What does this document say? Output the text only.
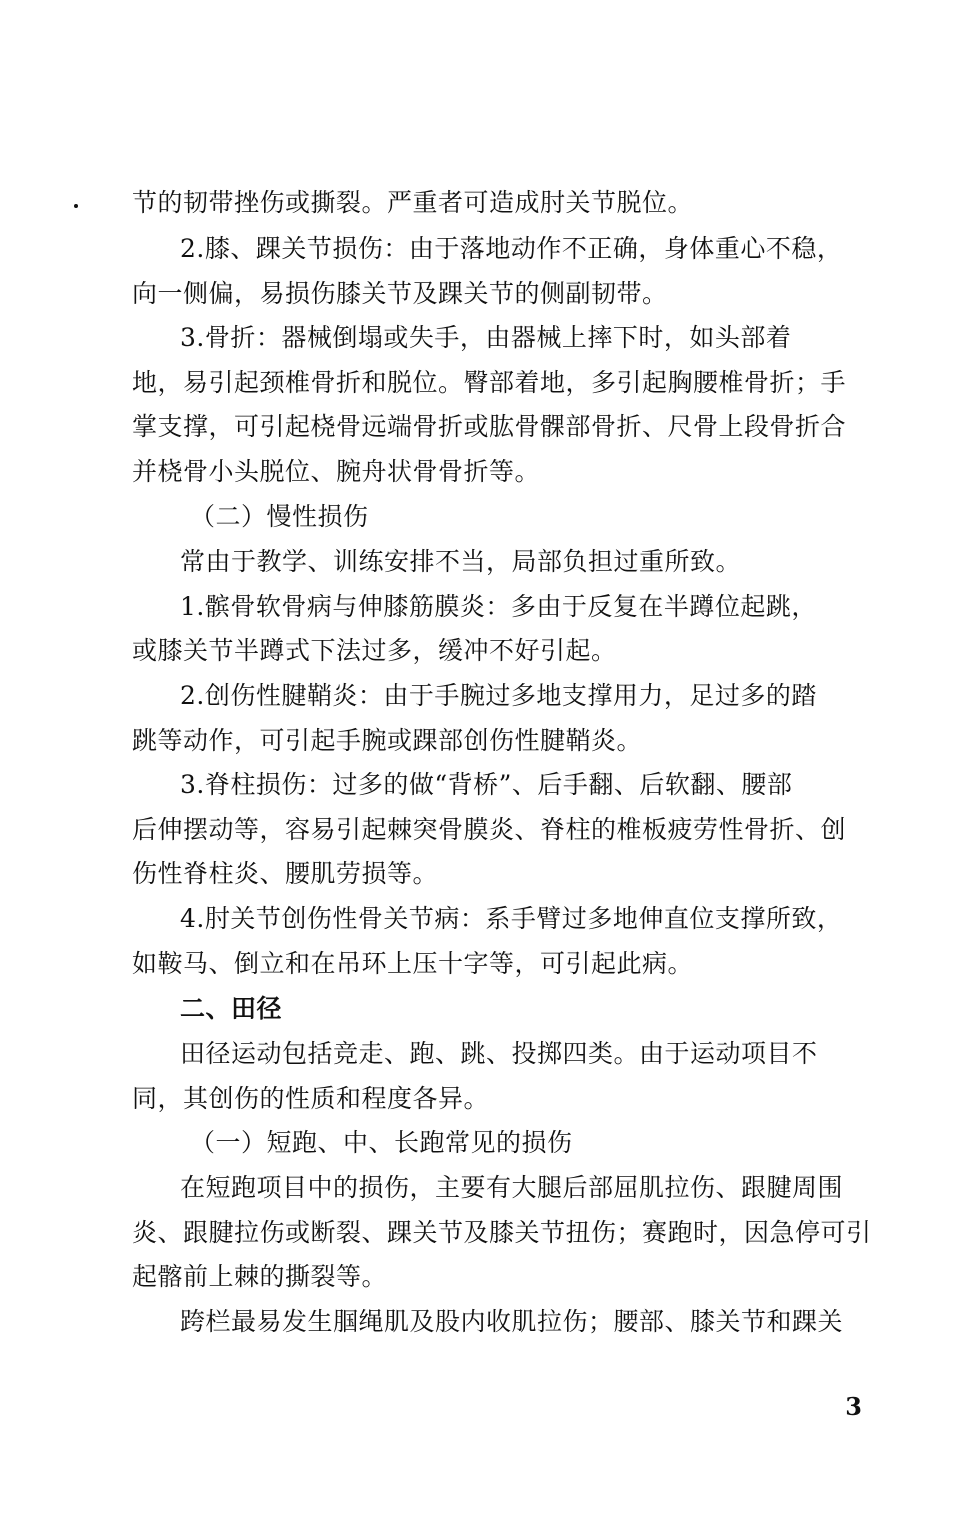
节的韧带挫伤或撕裂。严重者可造成肘关节脱位。
2.膝、踝关节损伤：由于落地动作不正确，身体重心不稳，
向一侧偏，易损伤膝关节及踝关节的侧副韧带。
3.骨折：器械倒塌或失手，由器械上摔下时，如头部着
地，易引起颈椎骨折和脱位。臀部着地，多引起胸腰椎骨折；手
掌支撑，可引起桡骨远端骨折或肱骨髁部骨折、尺骨上段骨折合
并桡骨小头脱位、腕舟状骨骨折等。
（二）慢性损伤
常由于教学、训练安排不当，局部负担过重所致。
1.髌骨软骨病与伸膝筋膜炎：多由于反复在半蹲位起跳，
或膝关节半蹲式下法过多，缓冲不好引起。
2.创伤性腱鞘炎：由于手腕过多地支撑用力，足过多的踏
跳等动作，可引起手腕或踝部创伤性腱鞘炎。
3.脊柱损伤：过多的做“背桥”、后手翻、后软翻、腰部
后伸摆动等，容易引起棘突骨膜炎、脊柱的椎板疲劳性骨折、创
伤性脊柱炎、腰肌劳损等。
4.肘关节创伤性骨关节病：系手臂过多地伸直位支撑所致，
如鞍马、倒立和在吊环上压十字等，可引起此病。
二、田径
田径运动包括竞走、跑、跳、投掷四类。由于运动项目不
同，其创伤的性质和程度各异。
（一）短跑、中、长跑常见的损伤
在短跑项目中的损伤，主要有大腿后部屈肌拉伤、跟腱周围
炎、跟腱拉伤或断裂、踝关节及膝关节扭伤；赛跑时，因急停可引
起髂前上棘的撕裂等。
跨栏最易发生腘绳肌及股内收肌拉伤；腰部、膝关节和踝关
3
